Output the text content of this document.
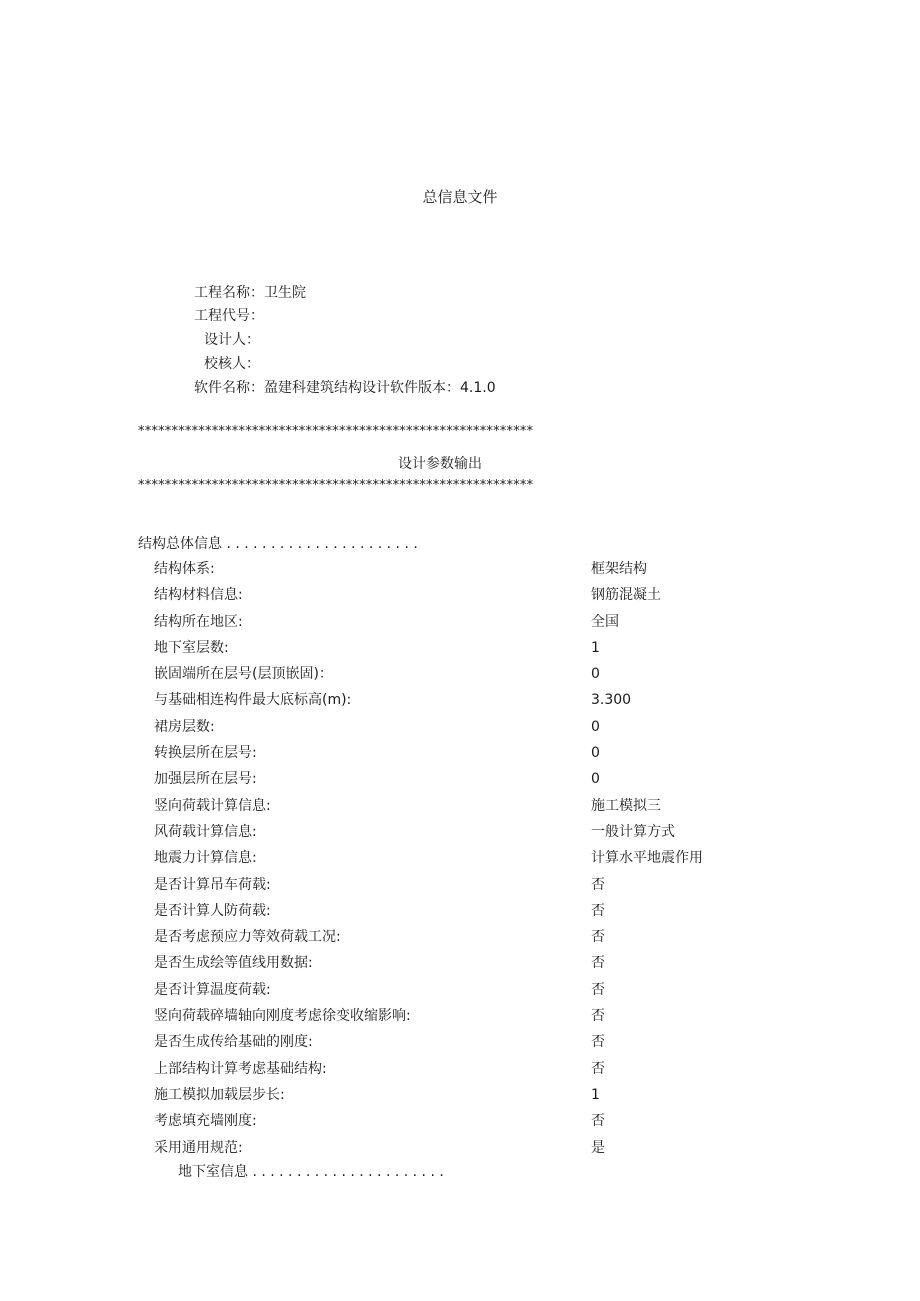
总信息文件
工程名称：卫生院
工程代号：
设计人：
校核人：
软件名称：盈建科建筑结构设计软件版本：4.1.0
***********************************************************
设计参数输出
***********************************************************
结构总体信息 . . . . . . . . . . . . . . . . . . . . . .
结构体系:	框架结构
结构材料信息:	钢筋混凝土
结构所在地区:	全国
地下室层数:	1
嵌固端所在层号(层顶嵌固)：	0
与基础相连构件最大底标高(m):	3.300
裙房层数:	0
转换层所在层号:	0
加强层所在层号:	0
竖向荷载计算信息:	施工模拟三
风荷载计算信息:	一般计算方式
地震力计算信息:	计算水平地震作用
是否计算吊车荷载:	否
是否计算人防荷载:	否
是否考虑预应力等效荷载工况:	否
是否生成绘等值线用数据:	否
是否计算温度荷载:	否
竖向荷载碎墙轴向刚度考虑徐变收缩影响:	否
是否生成传给基础的刚度:	否
上部结构计算考虑基础结构:	否
施工模拟加载层步长:	1
考虑填充墙刚度:	否
采用通用规范:	是
地下室信息 . . . . . . . . . . . . . . . . . . . . . .
